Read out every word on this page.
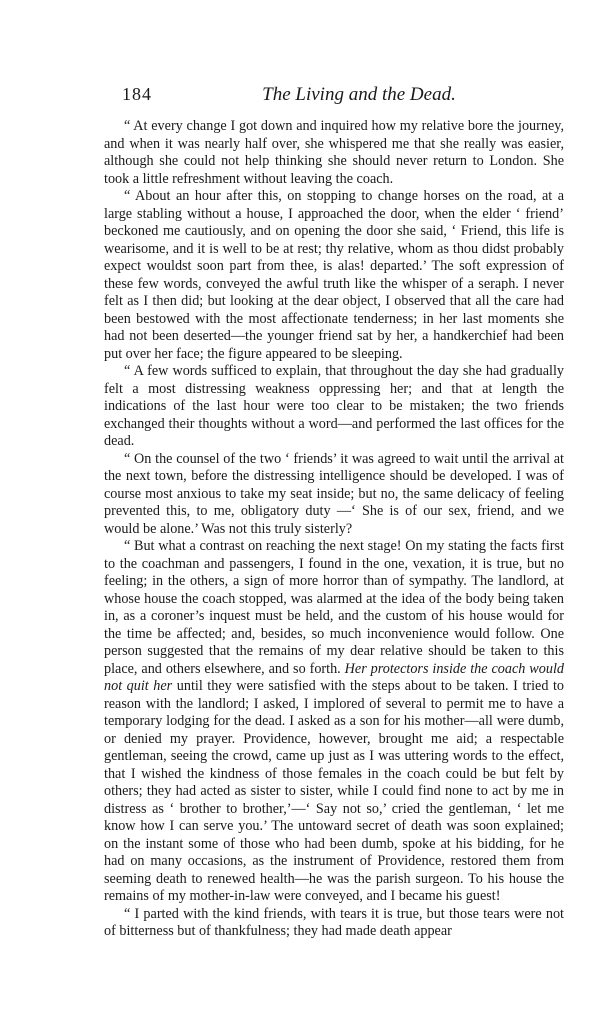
184	The Living and the Dead.

“ At every change I got down and inquired how my relative bore the journey, and when it was nearly half over, she whispered me that she really was easier, although she could not help thinking she should never return to London. She took a little refreshment without leaving the coach.

“ About an hour after this, on stopping to change horses on the road, at a large stabling without a house, I approached the door, when the elder ‘ friend’ beckoned me cautiously, and on opening the door she said, ‘ Friend, this life is wearisome, and it is well to be at rest; thy relative, whom as thou didst probably expect wouldst soon part from thee, is alas! departed.’ The soft expression of these few words, conveyed the awful truth like the whisper of a seraph. I never felt as I then did; but looking at the dear object, I observed that all the care had been bestowed with the most affectionate tenderness; in her last moments she had not been deserted—the younger friend sat by her, a handkerchief had been put over her face; the figure appeared to be sleeping.

“ A few words sufficed to explain, that throughout the day she had gradually felt a most distressing weakness oppressing her; and that at length the indications of the last hour were too clear to be mistaken; the two friends exchanged their thoughts without a word—and performed the last offices for the dead.

“ On the counsel of the two ‘ friends’ it was agreed to wait until the arrival at the next town, before the distressing intelligence should be developed. I was of course most anxious to take my seat inside; but no, the same delicacy of feeling prevented this, to me, obligatory duty —‘ She is of our sex, friend, and we would be alone.’ Was not this truly sisterly?

“ But what a contrast on reaching the next stage! On my stating the facts first to the coachman and passengers, I found in the one, vexation, it is true, but no feeling; in the others, a sign of more horror than of sympathy. The landlord, at whose house the coach stopped, was alarmed at the idea of the body being taken in, as a coroner’s inquest must be held, and the custom of his house would for the time be affected; and, besides, so much inconvenience would follow. One person suggested that the remains of my dear relative should be taken to this place, and others elsewhere, and so forth. Her protectors inside the coach would not quit her until they were satisfied with the steps about to be taken. I tried to reason with the landlord; I asked, I implored of several to permit me to have a temporary lodging for the dead. I asked as a son for his mother—all were dumb, or denied my prayer. Providence, however, brought me aid; a respectable gentleman, seeing the crowd, came up just as I was uttering words to the effect, that I wished the kindness of those females in the coach could be but felt by others; they had acted as sister to sister, while I could find none to act by me in distress as ‘ brother to brother,’—‘ Say not so,’ cried the gentleman, ‘ let me know how I can serve you.’ The untoward secret of death was soon explained; on the instant some of those who had been dumb, spoke at his bidding, for he had on many occasions, as the instrument of Providence, restored them from seeming death to renewed health—he was the parish surgeon. To his house the remains of my mother-in-law were conveyed, and I became his guest!

“ I parted with the kind friends, with tears it is true, but those tears were not of bitterness but of thankfulness; they had made death appear
